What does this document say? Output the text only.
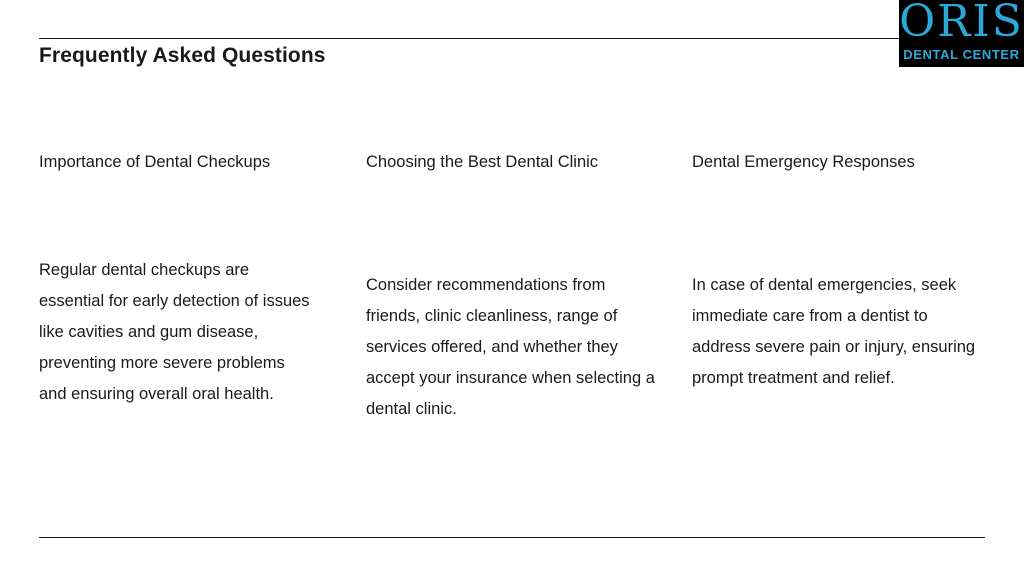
Frequently Asked Questions
ORIS
DENTAL CENTER
Importance of Dental Checkups

Regular dental checkups are essential for early detection of issues like cavities and gum disease, preventing more severe problems and ensuring overall oral health.

Choosing the Best Dental Clinic

Consider recommendations from friends, clinic cleanliness, range of services offered, and whether they accept your insurance when selecting a dental clinic.

Dental Emergency Responses

In case of dental emergencies, seek immediate care from a dentist to address severe pain or injury, ensuring prompt treatment and relief.
